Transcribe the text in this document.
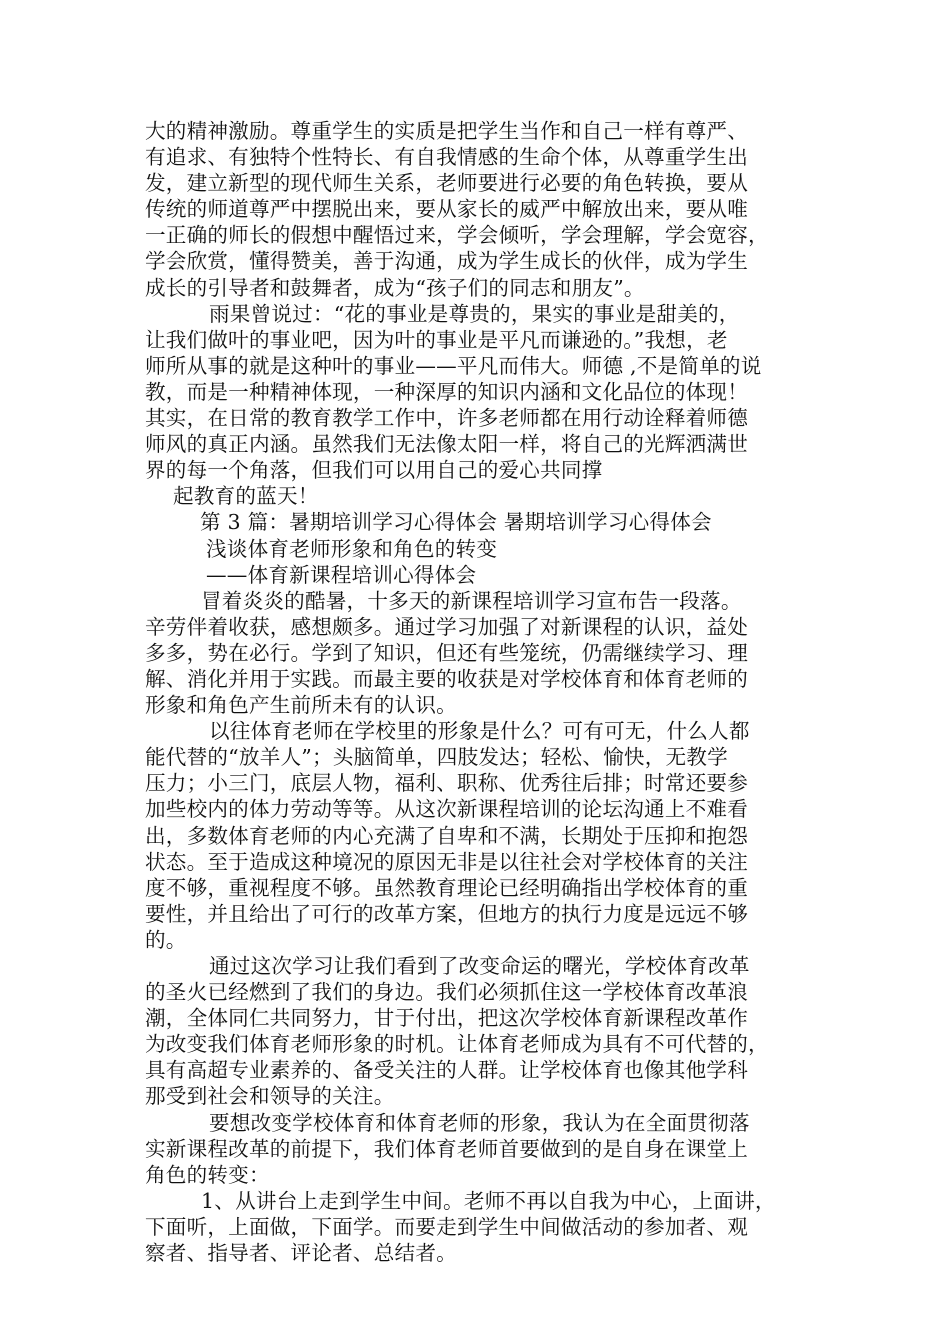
大的精神激励。尊重学生的实质是把学生当作和自己一样有尊严、
有追求、有独特个性特长、有自我情感的生命个体，从尊重学生出
发，建立新型的现代师生关系，老师要进行必要的角色转换，要从
传统的师道尊严中摆脱出来，要从家长的威严中解放出来，要从唯
一正确的师长的假想中醒悟过来，学会倾听，学会理解，学会宽容，
学会欣赏，懂得赞美，善于沟通，成为学生成长的伙伴，成为学生
成长的引导者和鼓舞者，成为“孩子们的同志和朋友”。
雨果曾说过：“花的事业是尊贵的，果实的事业是甜美的，
让我们做叶的事业吧，因为叶的事业是平凡而谦逊的。”我想，老
师所从事的就是这种叶的事业——平凡而伟大。师德 ,不是简单的说
教，而是一种精神体现，一种深厚的知识内涵和文化品位的体现！
其实，在日常的教育教学工作中，许多老师都在用行动诠释着师德
师风的真正内涵。虽然我们无法像太阳一样，将自己的光辉洒满世
界的每一个角落，但我们可以用自己的爱心共同撑
起教育的蓝天！
第 3 篇：暑期培训学习心得体会 暑期培训学习心得体会
浅谈体育老师形象和角色的转变
——体育新课程培训心得体会
冒着炎炎的酷暑，十多天的新课程培训学习宣布告一段落。
辛劳伴着收获，感想颇多。通过学习加强了对新课程的认识，益处
多多，势在必行。学到了知识，但还有些笼统，仍需继续学习、理
解、消化并用于实践。而最主要的收获是对学校体育和体育老师的
形象和角色产生前所未有的认识。
以往体育老师在学校里的形象是什么？可有可无，什么人都
能代替的“放羊人”；头脑简单，四肢发达；轻松、愉快，无教学
压力；小三门，底层人物，福利、职称、优秀往后排；时常还要参
加些校内的体力劳动等等。从这次新课程培训的论坛沟通上不难看
出，多数体育老师的内心充满了自卑和不满，长期处于压抑和抱怨
状态。至于造成这种境况的原因无非是以往社会对学校体育的关注
度不够，重视程度不够。虽然教育理论已经明确指出学校体育的重
要性，并且给出了可行的改革方案，但地方的执行力度是远远不够
的。
通过这次学习让我们看到了改变命运的曙光，学校体育改革
的圣火已经燃到了我们的身边。我们必须抓住这一学校体育改革浪
潮，全体同仁共同努力，甘于付出，把这次学校体育新课程改革作
为改变我们体育老师形象的时机。让体育老师成为具有不可代替的，
具有高超专业素养的、备受关注的人群。让学校体育也像其他学科
那受到社会和领导的关注。
要想改变学校体育和体育老师的形象，我认为在全面贯彻落
实新课程改革的前提下，我们体育老师首要做到的是自身在课堂上
角色的转变：
1、从讲台上走到学生中间。老师不再以自我为中心，上面讲，
下面听，上面做，下面学。而要走到学生中间做活动的参加者、观
察者、指导者、评论者、总结者。
